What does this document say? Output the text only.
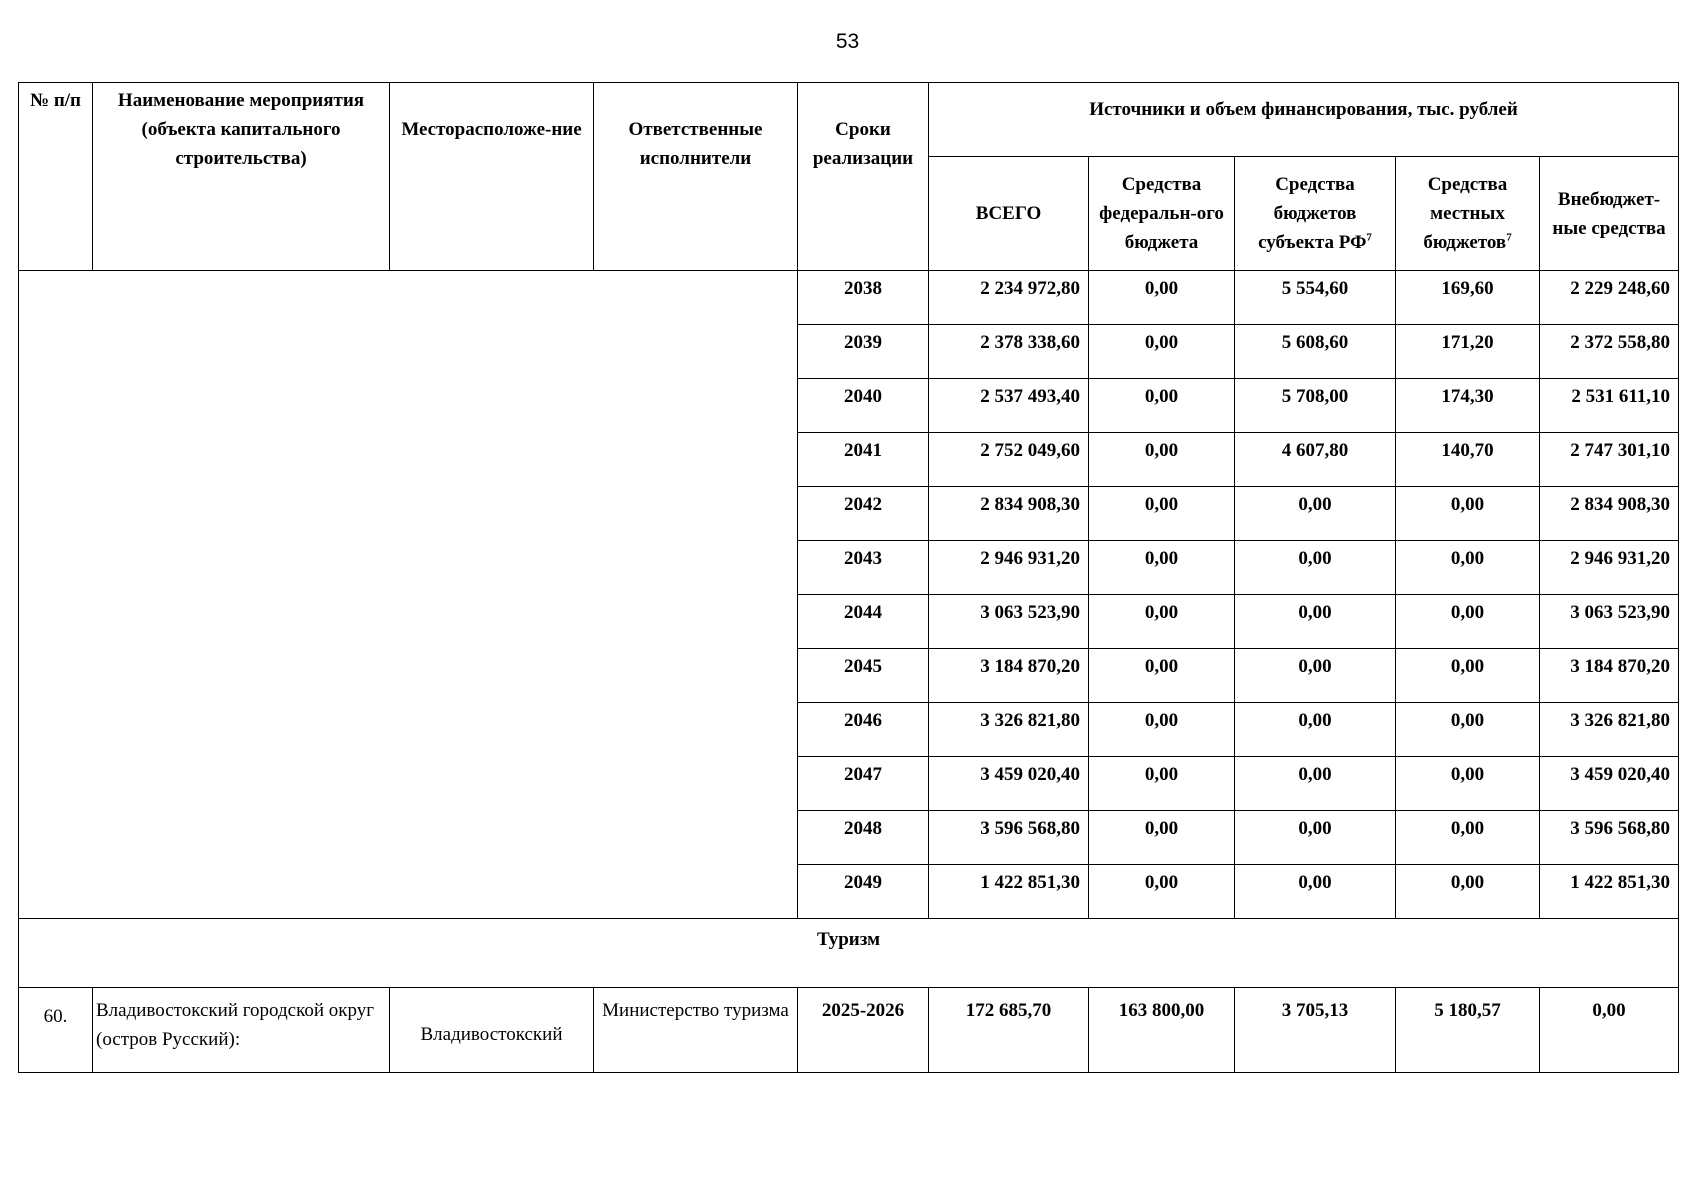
53
№ п/п	Наименование мероприятия (объекта капитального строительства)	Месторасположе-ние	Ответственные исполнители	Сроки реализации	Источники и объем финансирования, тыс. рублей				
					ВСЕГО	Средства федеральн-ого бюджета	Средства бюджетов субъекта $РФ^7$	Средства местных бюджетов$^7$	Внебюджет-ные средства
				2038	2 234 972,80	0,00	5 554,60	169,60	2 229 248,60
				2039	2 378 338,60	0,00	5 608,60	171,20	2 372 558,80
				2040	2 537 493,40	0,00	5 708,00	174,30	2 531 611,10
				2041	2 752 049,60	0,00	4 607,80	140,70	2 747 301,10
				2042	2 834 908,30	0,00	0,00	0,00	2 834 908,30
				2043	2 946 931,20	0,00	0,00	0,00	2 946 931,20
				2044	3 063 523,90	0,00	0,00	0,00	3 063 523,90
				2045	3 184 870,20	0,00	0,00	0,00	3 184 870,20
				2046	3 326 821,80	0,00	0,00	0,00	3 326 821,80
				2047	3 459 020,40	0,00	0,00	0,00	3 459 020,40
				2048	3 596 568,80	0,00	0,00	0,00	3 596 568,80
				2049	1 422 851,30	0,00	0,00	0,00	1 422 851,30
Туризм									
60.	Владивостокский городской округ (остров Русский):	Владивостокский	Министерство туризма	2025-2026	172 685,70	163 800,00	3 705,13	5 180,57	0,00
